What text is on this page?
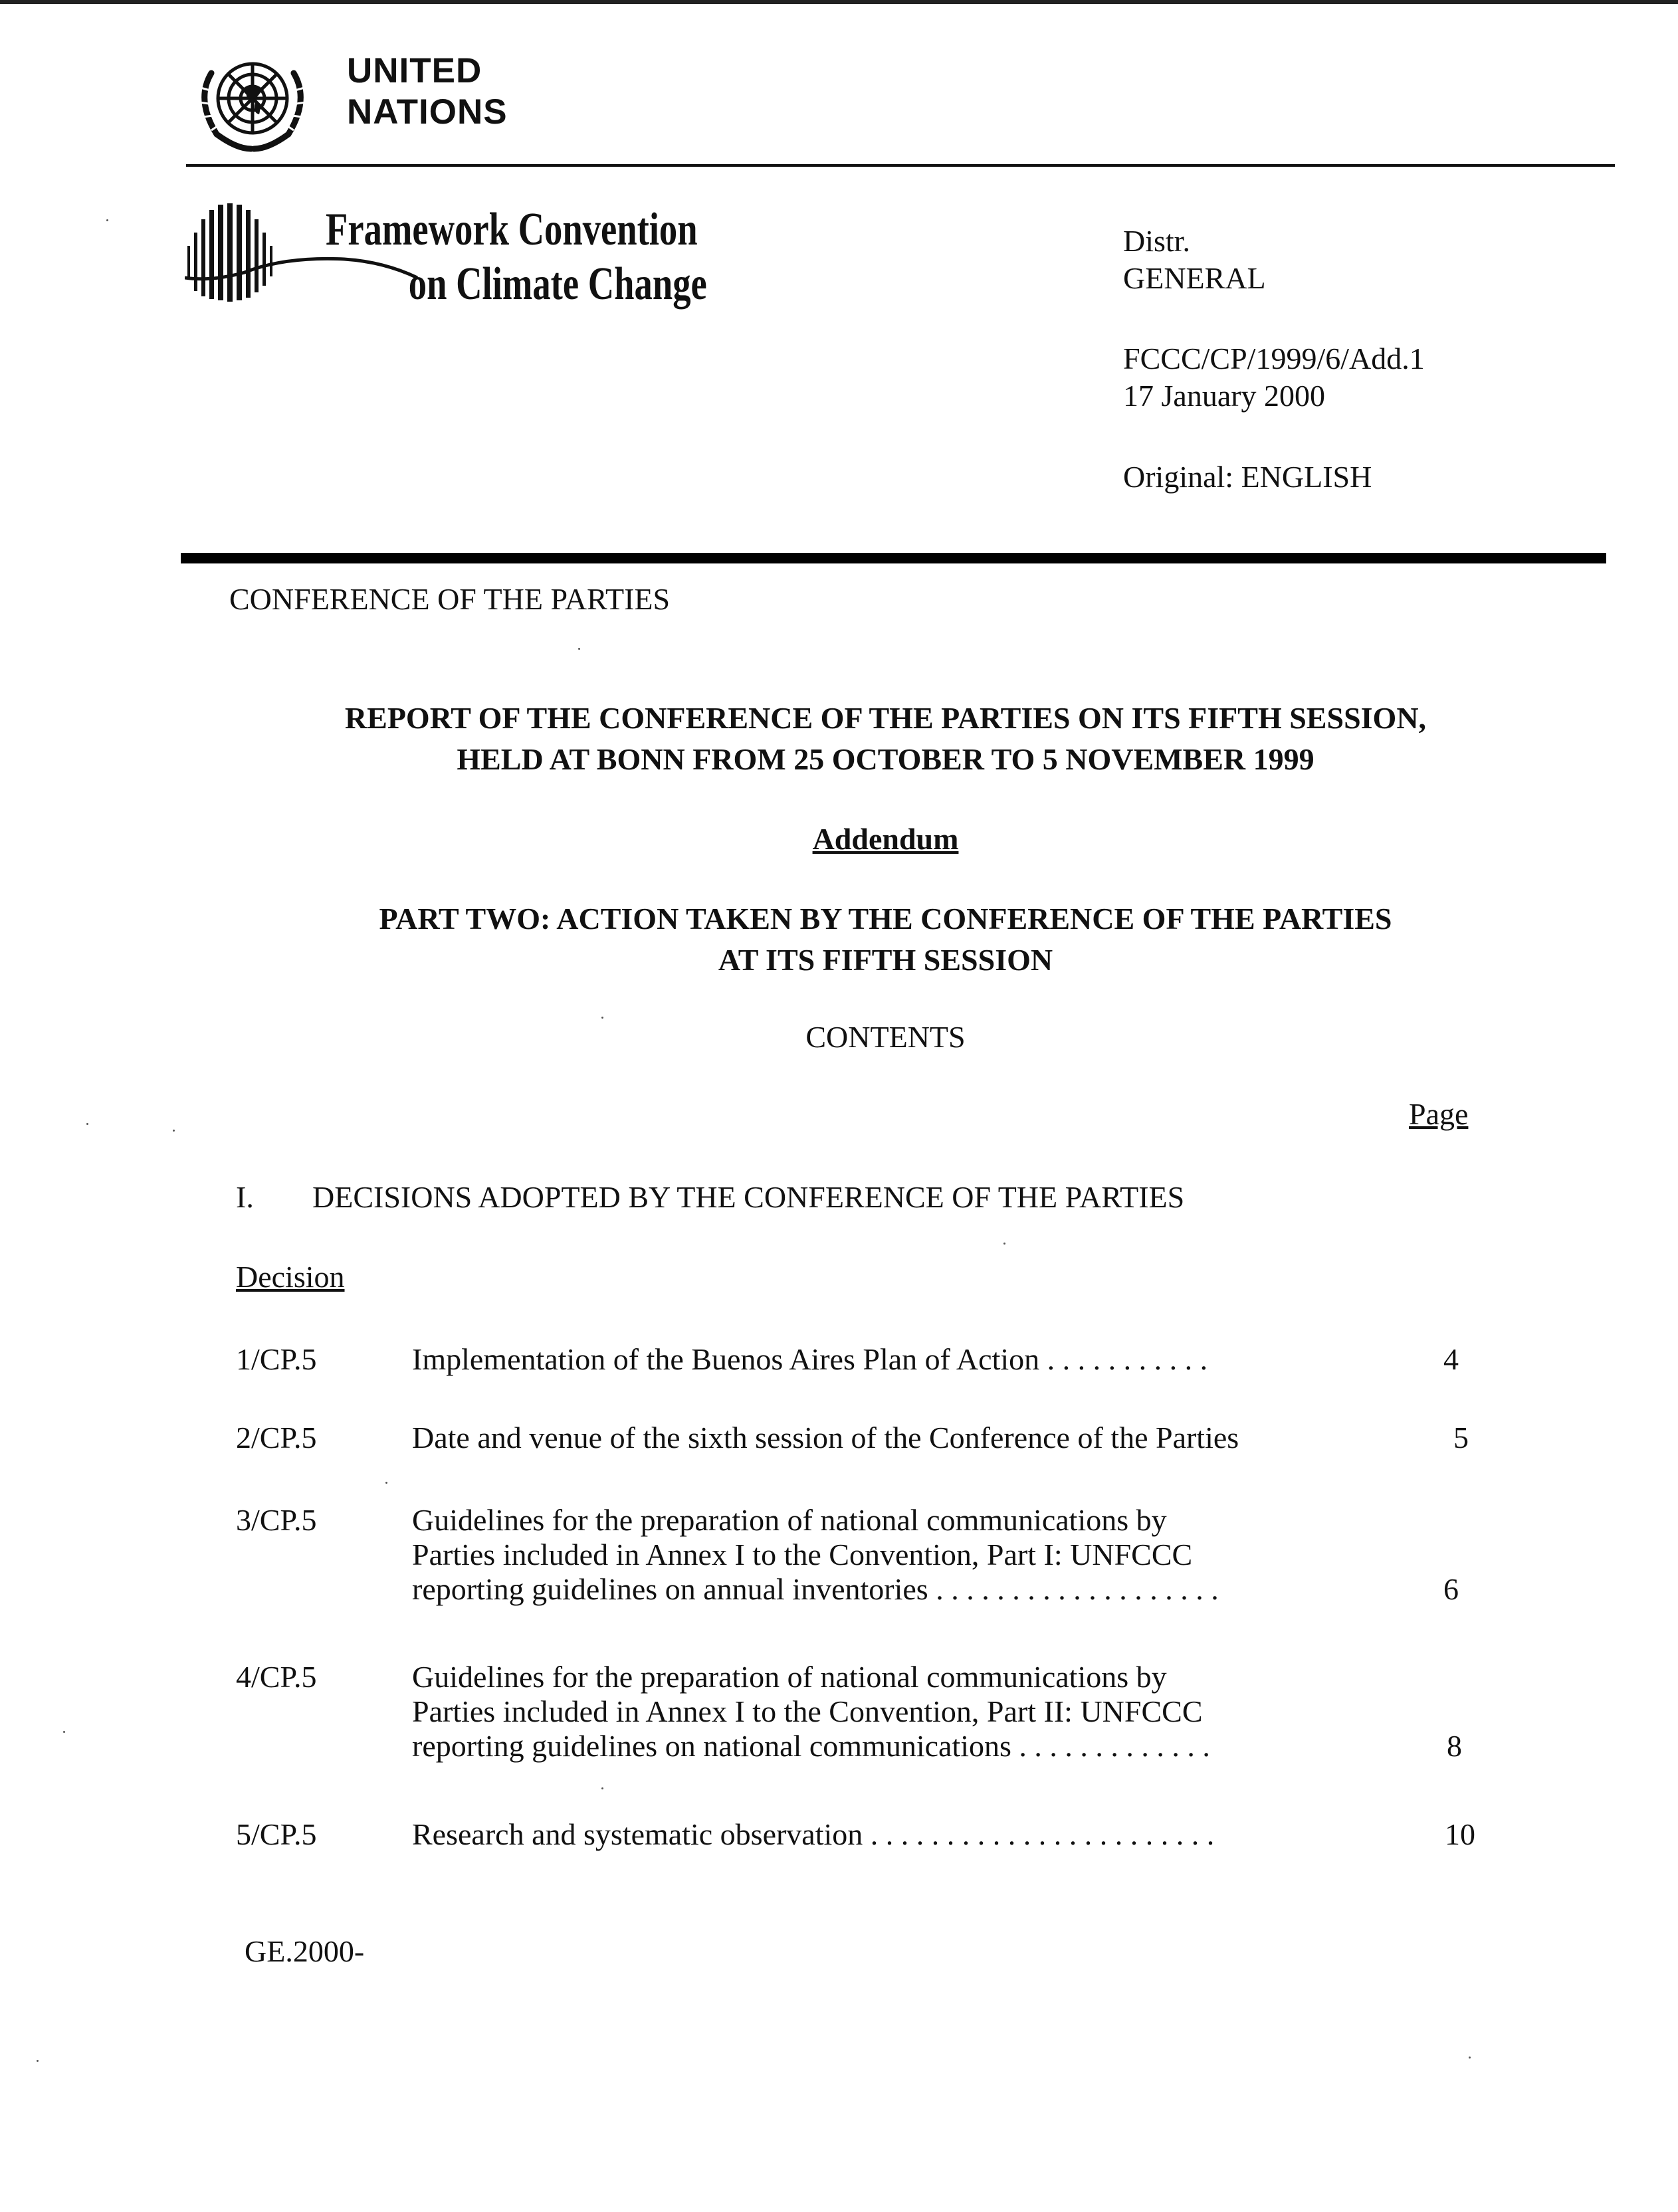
UNITED
NATIONS
Framework Convention
on Climate Change
Distr.
GENERAL
FCCC/CP/1999/6/Add.1
17 January 2000
Original: ENGLISH
CONFERENCE OF THE PARTIES
REPORT OF THE CONFERENCE OF THE PARTIES ON ITS FIFTH SESSION,
HELD AT BONN FROM 25 OCTOBER TO 5 NOVEMBER 1999
Addendum
PART TWO: ACTION TAKEN BY THE CONFERENCE OF THE PARTIES
AT ITS FIFTH SESSION
CONTENTS
Page
I. DECISIONS ADOPTED BY THE CONFERENCE OF THE PARTIES
Decision
1/CP.5	Implementation of the Buenos Aires Plan of Action . . . . . . . . . . .	4
2/CP.5	Date and venue of the sixth session of the Conference of the Parties	5
3/CP.5	Guidelines for the preparation of national communications by
Parties included in Annex I to the Convention, Part I: UNFCCC
reporting guidelines on annual inventories . . . . . . . . . . . . . . . . . . .	6
4/CP.5	Guidelines for the preparation of national communications by
Parties included in Annex I to the Convention, Part II: UNFCCC
reporting guidelines on national communications . . . . . . . . . . . . .	8
5/CP.5	Research and systematic observation . . . . . . . . . . . . . . . . . . . . . . .	10
GE.2000-
